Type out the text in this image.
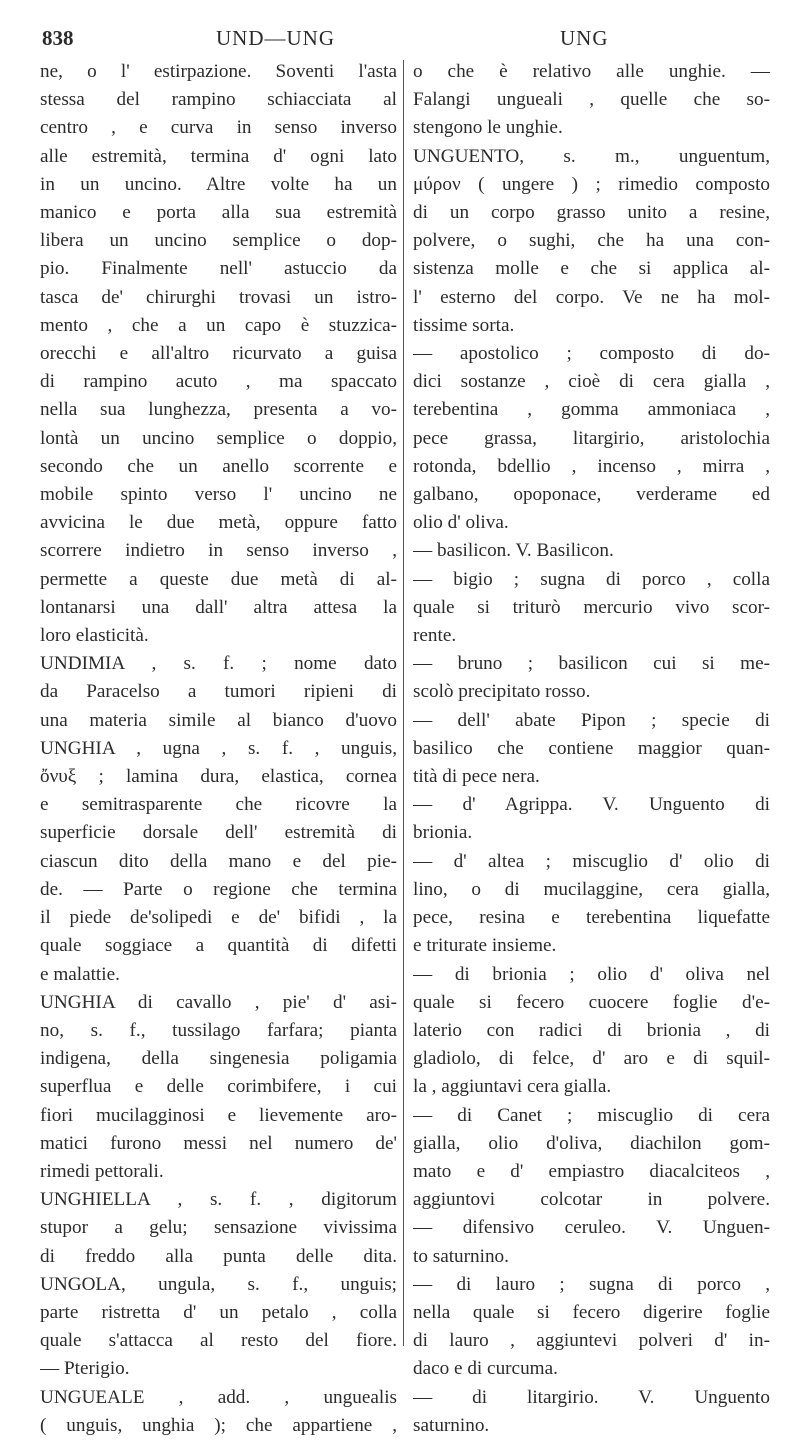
838	UND—UNG	UNG
ne, o l' estirpazione. Soventi l'asta
stessa del rampino schiacciata al
centro , e curva in senso inverso
alle estremità, termina d' ogni lato
in un uncino. Altre volte ha un
manico e porta alla sua estremità
libera un uncino semplice o dop-
pio. Finalmente nell' astuccio da
tasca de' chirurghi trovasi un istro-
mento , che a un capo è stuzzica-
orecchi e all'altro ricurvato a guisa
di rampino acuto , ma spaccato
nella sua lunghezza, presenta a vo-
lontà un uncino semplice o doppio,
secondo che un anello scorrente e
mobile spinto verso l' uncino ne
avvicina le due metà, oppure fatto
scorrere indietro in senso inverso ,
permette a queste due metà di al-
lontanarsi una dall' altra attesa la
loro elasticità.
UNDIMIA , s. f. ; nome dato
da Paracelso a tumori ripieni di
una materia simile al bianco d'uovo
UNGHIA , ugna , s. f. , unguis,
ὄνυξ ; lamina dura, elastica, cornea
e semitrasparente che ricovre la
superficie dorsale dell' estremità di
ciascun dito della mano e del pie-
de. — Parte o regione che termina
il piede de'solipedi e de' bifidi , la
quale soggiace a quantità di difetti
e malattie.
UNGHIA di cavallo , pie' d' asi-
no, s. f., tussilago farfara; pianta
indigena, della singenesia poligamia
superflua e delle corimbifere, i cui
fiori mucilagginosi e lievemente aro-
matici furono messi nel numero de'
rimedi pettorali.
UNGHIELLA , s. f. , digitorum
stupor a gelu; sensazione vivissima
di freddo alla punta delle dita.
UNGOLA, ungula, s. f., unguis;
parte ristretta d' un petalo , colla
quale s'attacca al resto del fiore.
— Pterigio.
UNGUEALE , add. , unguealis
( unguis, unghia ); che appartiene ,
o che è relativo alle unghie. —
Falangi ungueali , quelle che so-
stengono le unghie.
UNGUENTO, s. m., unguentum,
μύρον ( ungere ) ; rimedio composto
di un corpo grasso unito a resine,
polvere, o sughi, che ha una con-
sistenza molle e che si applica al-
l' esterno del corpo. Ve ne ha mol-
tissime sorta.
— apostolico ; composto di do-
dici sostanze , cioè di cera gialla ,
terebentina , gomma ammoniaca ,
pece grassa, litargirio, aristolochia
rotonda, bdellio , incenso , mirra ,
galbano, opoponace, verderame ed
olio d' oliva.
— basilicon. V. Basilicon.
— bigio ; sugna di porco , colla
quale si triturò mercurio vivo scor-
rente.
— bruno ; basilicon cui si me-
scolò precipitato rosso.
— dell' abate Pipon ; specie di
basilico che contiene maggior quan-
tità di pece nera.
— d' Agrippa. V. Unguento di
brionia.
— d' altea ; miscuglio d' olio di
lino, o di mucilaggine, cera gialla,
pece, resina e terebentina liquefatte
e triturate insieme.
— di brionia ; olio d' oliva nel
quale si fecero cuocere foglie d'e-
laterio con radici di brionia , di
gladiolo, di felce, d' aro e di squil-
la , aggiuntavi cera gialla.
— di Canet ; miscuglio di cera
gialla, olio d'oliva, diachilon gom-
mato e d' empiastro diacalciteos ,
aggiuntovi colcotar in polvere.
— difensivo ceruleo. V. Unguen-
to saturnino.
— di lauro ; sugna di porco ,
nella quale si fecero digerire foglie
di lauro , aggiuntevi polveri d' in-
daco e di curcuma.
— di litargirio. V. Unguento
saturnino.
